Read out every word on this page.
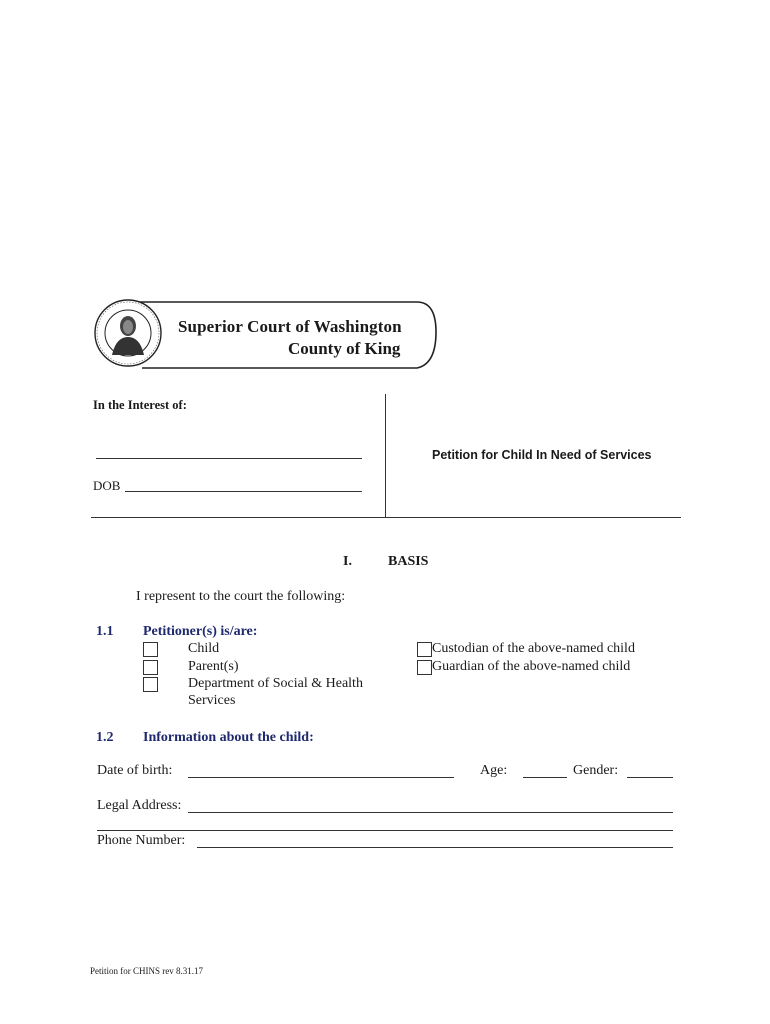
Superior Court of Washington
County of King
In the Interest of:
DOB
Petition for Child In Need of Services
I.	BASIS
I represent to the court the following:
1.1 Petitioner(s) is/are:
Child
Parent(s)
Department of Social & Health
Services
Custodian of the above-named child
Guardian of the above-named child
1.2 Information about the child:
Date of birth:	Age:	Gender:
Legal Address:
Phone Number:
Petition for CHINS rev 8.31.17
